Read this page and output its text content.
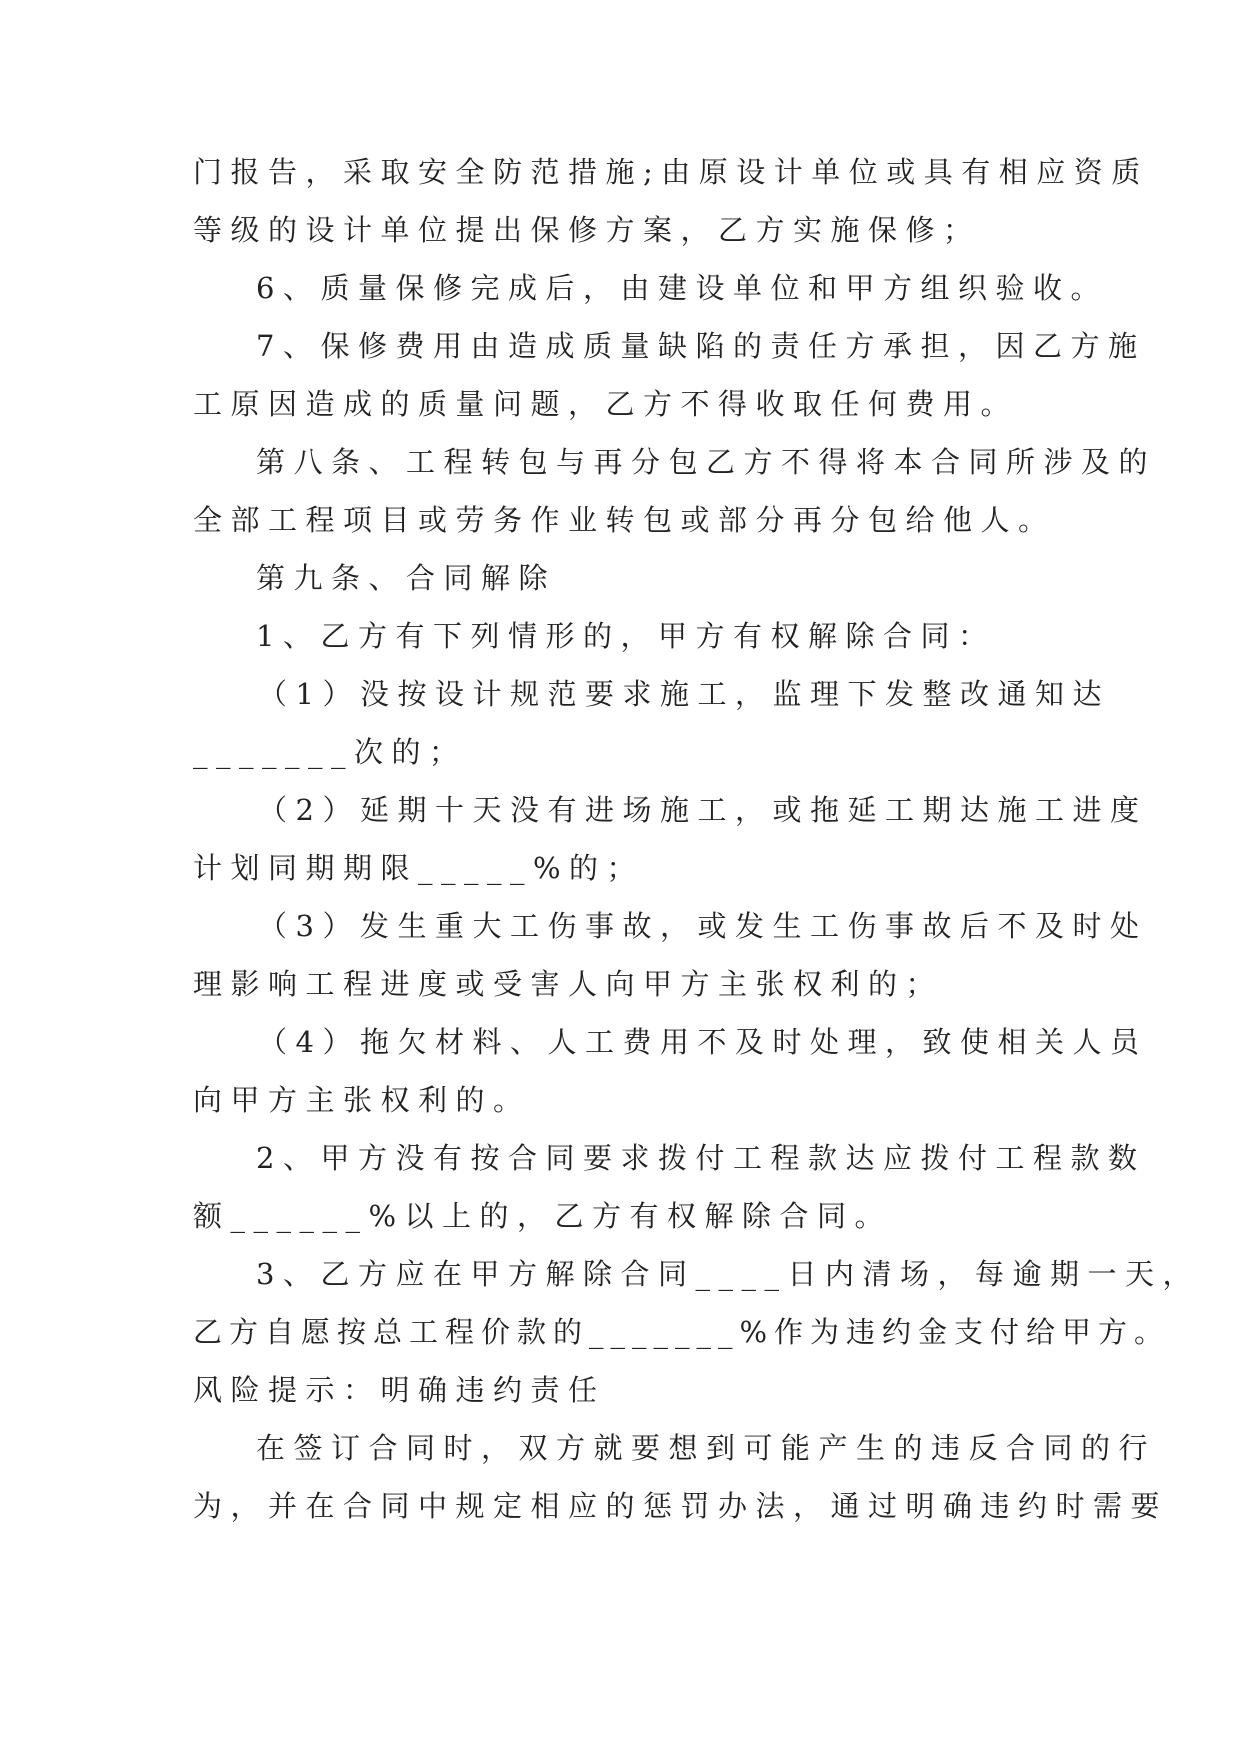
门报告，采取安全防范措施;由原设计单位或具有相应资质
等级的设计单位提出保修方案，乙方实施保修；
6、质量保修完成后，由建设单位和甲方组织验收。
7、保修费用由造成质量缺陷的责任方承担，因乙方施
工原因造成的质量问题，乙方不得收取任何费用。
第八条、工程转包与再分包乙方不得将本合同所涉及的
全部工程项目或劳务作业转包或部分再分包给他人。
第九条、合同解除
1、乙方有下列情形的，甲方有权解除合同：
（1）没按设计规范要求施工，监理下发整改通知达
_______次的；
（2）延期十天没有进场施工，或拖延工期达施工进度
计划同期期限_____%的；
（3）发生重大工伤事故，或发生工伤事故后不及时处
理影响工程进度或受害人向甲方主张权利的；
（4）拖欠材料、人工费用不及时处理，致使相关人员
向甲方主张权利的。
2、甲方没有按合同要求拨付工程款达应拨付工程款数
额______%以上的，乙方有权解除合同。
3、乙方应在甲方解除合同____日内清场，每逾期一天，
乙方自愿按总工程价款的_______%作为违约金支付给甲方。
风险提示：明确违约责任
在签订合同时，双方就要想到可能产生的违反合同的行
为，并在合同中规定相应的惩罚办法，通过明确违约时需要
